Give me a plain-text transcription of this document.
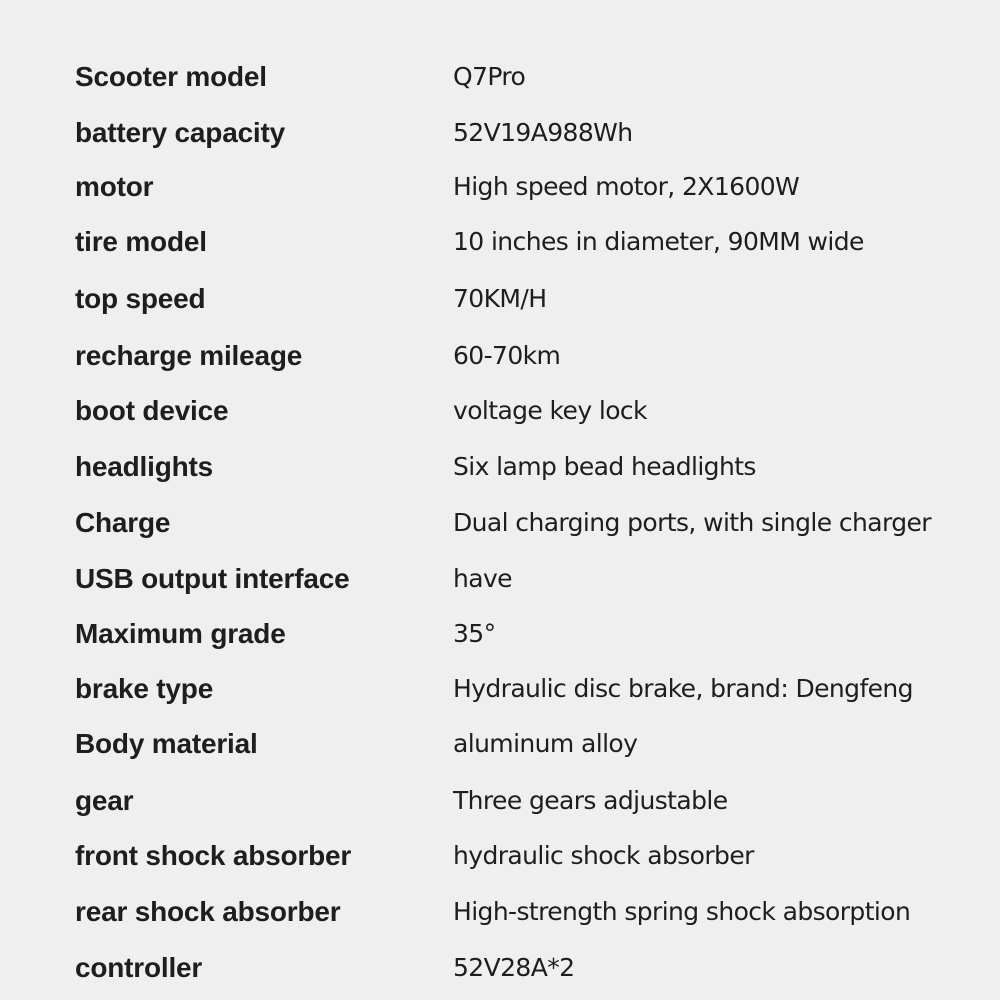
Scooter model	Q7Pro
battery capacity	52V19A988Wh
motor	High speed motor, 2X1600W
tire model	10 inches in diameter, 90MM wide
top speed	70KM/H
recharge mileage	60-70km
boot device	voltage key lock
headlights	Six lamp bead headlights
Charge	Dual charging ports, with single charger
USB output interface	have
Maximum grade	35°
brake type	Hydraulic disc brake, brand: Dengfeng
Body material	aluminum alloy
gear	Three gears adjustable
front shock absorber	hydraulic shock absorber
rear shock absorber	High-strength spring shock absorption
controller	52V28A*2
